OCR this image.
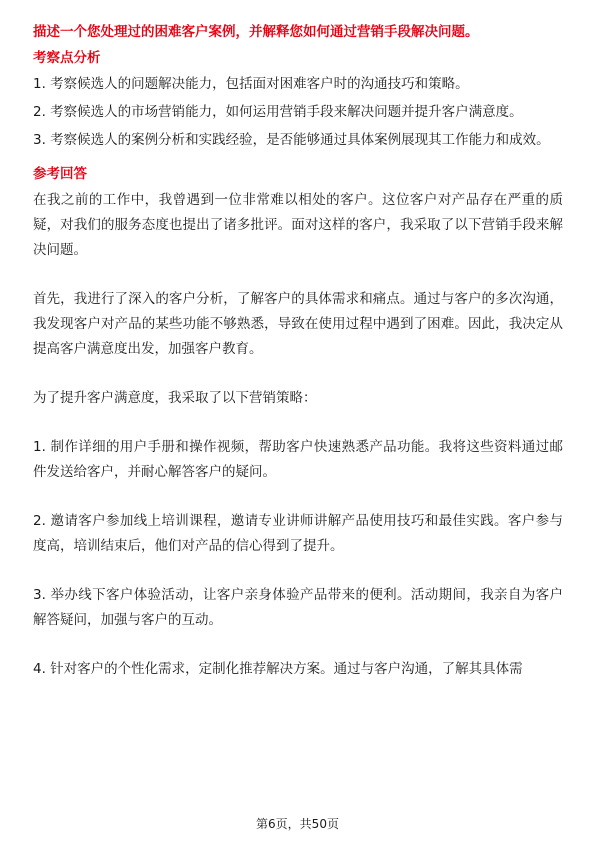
描述一个您处理过的困难客户案例，并解释您如何通过营销手段解决问题。
考察点分析
1. 考察候选人的问题解决能力，包括面对困难客户时的沟通技巧和策略。
2. 考察候选人的市场营销能力，如何运用营销手段来解决问题并提升客户满意度。
3. 考察候选人的案例分析和实践经验，是否能够通过具体案例展现其工作能力和成效。
参考回答

在我之前的工作中，我曾遇到一位非常难以相处的客户。这位客户对产品存在严重的质疑，对我们的服务态度也提出了诸多批评。面对这样的客户，我采取了以下营销手段来解决问题。

首先，我进行了深入的客户分析，了解客户的具体需求和痛点。通过与客户的多次沟通，我发现客户对产品的某些功能不够熟悉，导致在使用过程中遇到了困难。因此，我决定从提高客户满意度出发，加强客户教育。

为了提升客户满意度，我采取了以下营销策略：

1. 制作详细的用户手册和操作视频，帮助客户快速熟悉产品功能。我将这些资料通过邮件发送给客户，并耐心解答客户的疑问。

2. 邀请客户参加线上培训课程，邀请专业讲师讲解产品使用技巧和最佳实践。客户参与度高，培训结束后，他们对产品的信心得到了提升。

3. 举办线下客户体验活动，让客户亲身体验产品带来的便利。活动期间，我亲自为客户解答疑问，加强与客户的互动。

4. 针对客户的个性化需求，定制化推荐解决方案。通过与客户沟通，了解其具体需

第6页，共50页
